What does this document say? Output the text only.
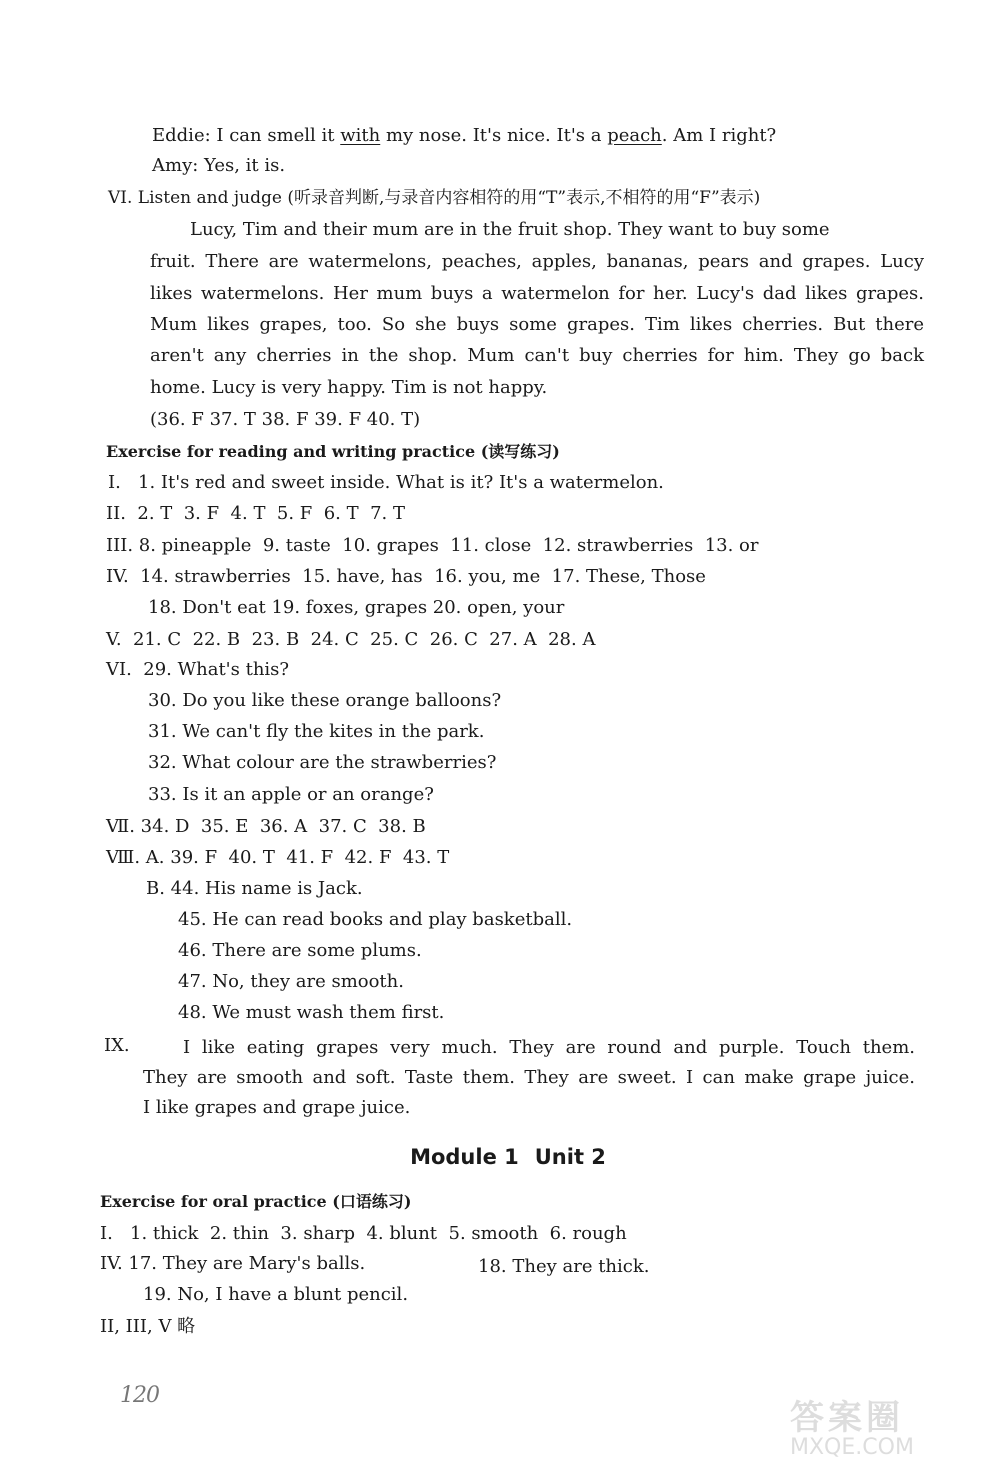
Eddie: I can smell it with my nose. It's nice. It's a peach. Am I right?
Amy: Yes, it is.
VI. Listen and judge (听录音判断,与录音内容相符的用“T”表示,不相符的用“F”表示)
Lucy, Tim and their mum are in the fruit shop. They want to buy some
fruit. There are watermelons, peaches, apples, bananas, pears and grapes. Lucy
likes watermelons. Her mum buys a watermelon for her. Lucy's dad likes grapes.
Mum likes grapes, too. So she buys some grapes. Tim likes cherries. But there
aren't any cherries in the shop. Mum can't buy cherries for him. They go back
home. Lucy is very happy. Tim is not happy.
(36. F 37. T 38. F 39. F 40. T)
Exercise for reading and writing practice (读写练习)
I.   1. It's red and sweet inside. What is it? It's a watermelon.
II.  2. T  3. F  4. T  5. F  6. T  7. T
III. 8. pineapple  9. taste  10. grapes  11. close  12. strawberries  13. or
IV.  14. strawberries  15. have, has  16. you, me  17. These, Those
18. Don't eat 19. foxes, grapes 20. open, your
V.  21. C  22. B  23. B  24. C  25. C  26. C  27. A  28. A
VI.  29. What's this?
30. Do you like these orange balloons?
31. We can't fly the kites in the park.
32. What colour are the strawberries?
33. Is it an apple or an orange?
Ⅶ. 34. D  35. E  36. A  37. C  38. B
Ⅷ. A. 39. F  40. T  41. F  42. F  43. T
B. 44. His name is Jack.
45. He can read books and play basketball.
46. There are some plums.
47. No, they are smooth.
48. We must wash them first.
IX.	I like eating grapes very much. They are round and purple. Touch them.
They are smooth and soft. Taste them. They are sweet. I can make grape juice.
I like grapes and grape juice.
Module 1 Unit 2
Exercise for oral practice (口语练习)
I.   1. thick  2. thin  3. sharp  4. blunt  5. smooth  6. rough
IV. 17. They are Mary's balls.	18. They are thick.
19. No, I have a blunt pencil.
II, III, V 略
120
答案圈
MXQE.COM
